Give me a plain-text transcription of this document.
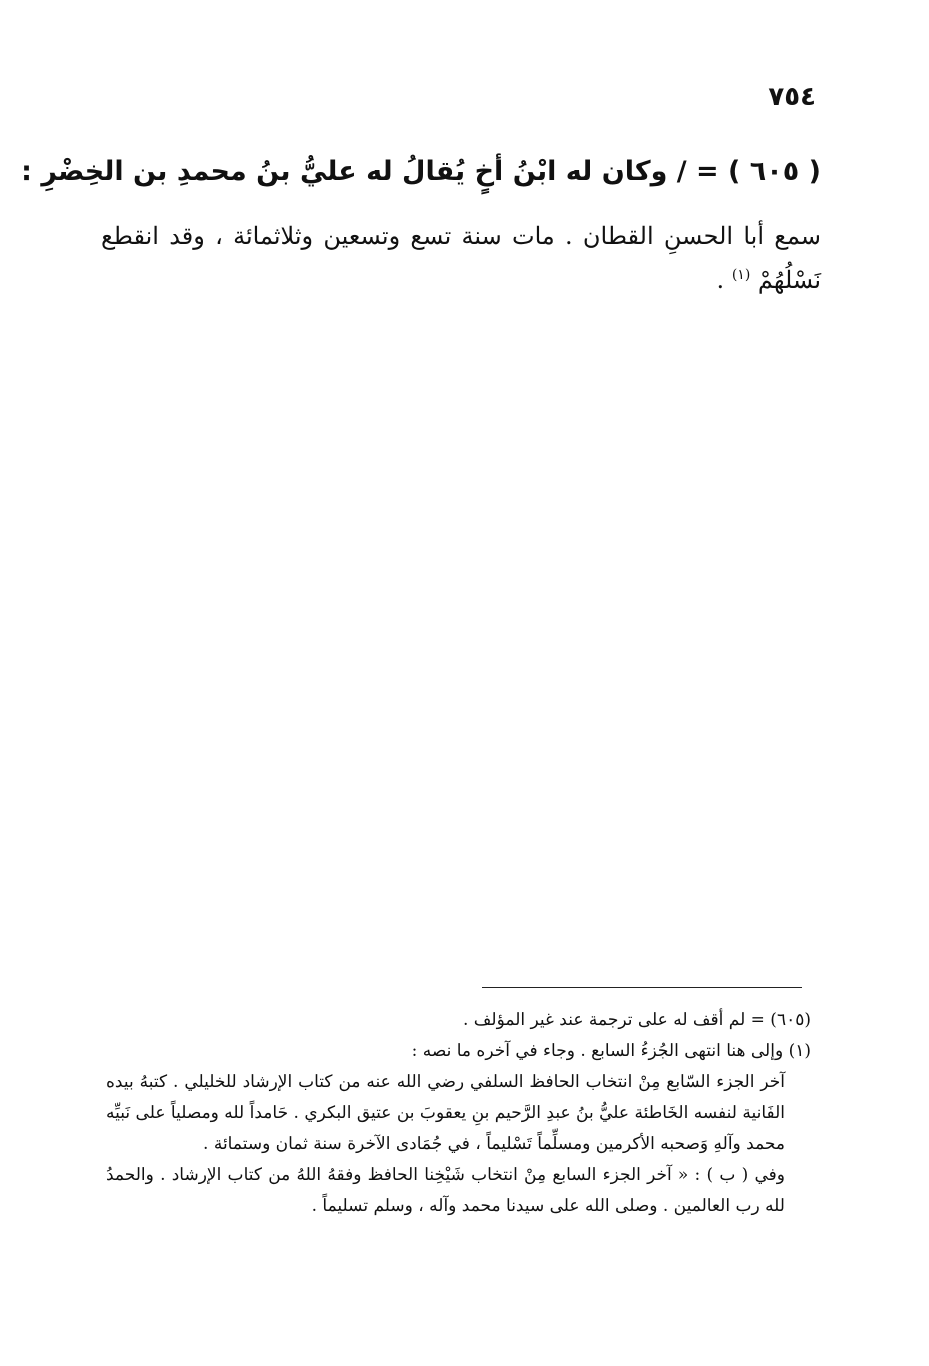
٧٥٤
( ٦٠٥ ) = / وكان له ابْنُ أخٍ يُقالُ له عليُّ بنُ محمدِ بن الخِضْرِ :
سمع أبا الحسنِ القطان . مات سنة تسع وتسعين وثلاثمائة ، وقد انقطع نَسْلُهُمْ $^{(١)}$ .

(٦٠٥) = لم أقف له على ترجمة عند غير المؤلف .

(١) وإلى هنا انتهى الجُزءُ السابع . وجاء في آخره ما نصه :

آخر الجزء السّابع مِنْ انتخاب الحافظ السلفي رضي الله عنه من كتاب الإرشاد للخليلي . كتبهُ بيده الفَانية لنفسه الخَاطئة عليُّ بنُ عبدِ الرَّحيم بنِ يعقوبَ بن عتيق البكري . حَامداً لله ومصلياً على نَبيِّه محمد وآلهِ وَصحبه الأكرمين ومسلِّماً تَسْليماً ، في جُمَادى الآخرة سنة ثمان وستمائة .

وفي ( ب ) : « آخر الجزء السابع مِنْ انتخاب شَيْخِنا الحافظ وفقهُ اللهُ من كتاب الإرشاد . والحمدُ لله رب العالمين . وصلى الله على سيدنا محمد وآله ، وسلم تسليماً .
